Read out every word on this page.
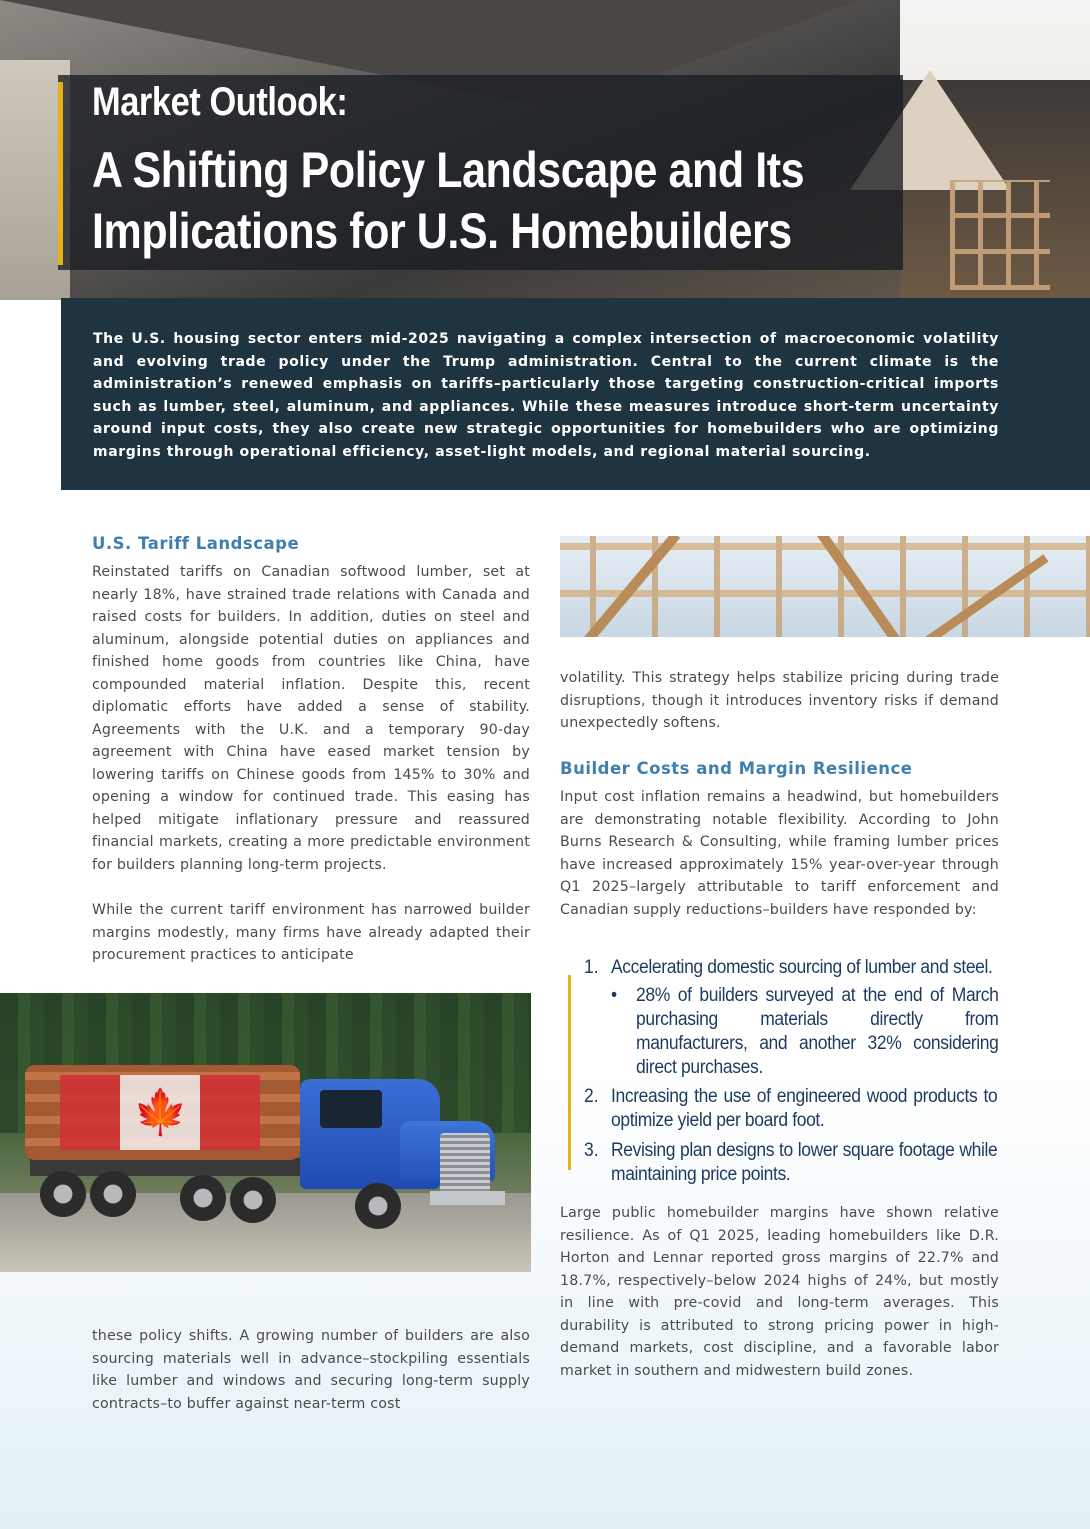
Market Outlook:
A Shifting Policy Landscape and Its Implications for U.S. Homebuilders

The U.S. housing sector enters mid-2025 navigating a complex intersection of macroeconomic volatility and evolving trade policy under the Trump administration. Central to the current climate is the administration’s renewed emphasis on tariffs–particularly those targeting construction-critical imports such as lumber, steel, aluminum, and appliances. While these measures introduce short-term uncertainty around input costs, they also create new strategic opportunities for homebuilders who are optimizing margins through operational efficiency, asset-light models, and regional material sourcing.

U.S. Tariff Landscape

Reinstated tariffs on Canadian softwood lumber, set at nearly 18%, have strained trade relations with Canada and raised costs for builders. In addition, duties on steel and aluminum, alongside potential duties on appliances and finished home goods from countries like China, have compounded material inflation. Despite this, recent diplomatic efforts have added a sense of stability. Agreements with the U.K. and a temporary 90-day agreement with China have eased market tension by lowering tariffs on Chinese goods from 145% to 30% and opening a window for continued trade. This easing has helped mitigate inflationary pressure and reassured financial markets, creating a more predictable environment for builders planning long-term projects.

While the current tariff environment has narrowed builder margins modestly, many firms have already adapted their procurement practices to anticipate

🍁

these policy shifts. A growing number of builders are also sourcing materials well in advance–stockpiling essentials like lumber and windows and securing long-term supply contracts–to buffer against near-term cost

volatility. This strategy helps stabilize pricing during trade disruptions, though it introduces inventory risks if demand unexpectedly softens.

Builder Costs and Margin Resilience

Input cost inflation remains a headwind, but homebuilders are demonstrating notable flexibility. According to John Burns Research & Consulting, while framing lumber prices have increased approximately 15% year-over-year through Q1 2025–largely attributable to tariff enforcement and Canadian supply reductions–builders have responded by:

1. Accelerating domestic sourcing of lumber and steel.
• 28% of builders surveyed at the end of March purchasing materials directly from manufacturers, and another 32% considering direct purchases.
2. Increasing the use of engineered wood products to optimize yield per board foot.
3. Revising plan designs to lower square footage while maintaining price points.

Large public homebuilder margins have shown relative resilience. As of Q1 2025, leading homebuilders like D.R. Horton and Lennar reported gross margins of 22.7% and 18.7%, respectively–below 2024 highs of 24%, but mostly in line with pre-covid and long-term averages. This durability is attributed to strong pricing power in high-demand markets, cost discipline, and a favorable labor market in southern and midwestern build zones.
